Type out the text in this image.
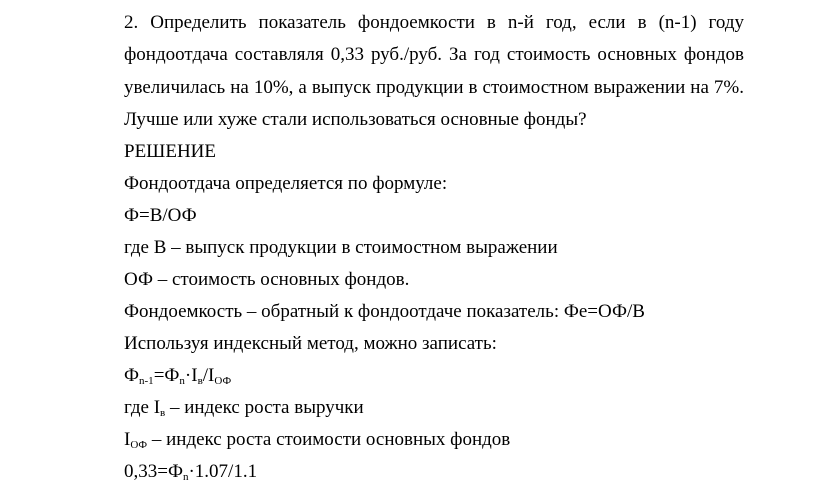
2. Определить показатель фондоемкости в n-й год, если в (n-1) году
фондоотдача составляля 0,33 руб./руб. За год стоимость основных фондов
увеличилась на 10%, а выпуск продукции в стоимостном выражении на 7%.
Лучше или хуже стали использоваться основные фонды?
РЕШЕНИЕ
Фондоотдача определяется по формуле:
Ф=В/ОФ
где В – выпуск продукции в стоимостном выражении
ОФ – стоимость основных фондов.
Фондоемкость – обратный к фондоотдаче показатель: Фе=ОФ/В
Используя индексный метод, можно записать:
$Ф_{n-1}=Ф_n\cdot I_в/I_{ОФ}$
где $I_в$ – индекс роста выручки
$I_{ОФ}$ – индекс роста стоимости основных фондов
$0,33=Ф_n\cdot 1.07/1.1$
